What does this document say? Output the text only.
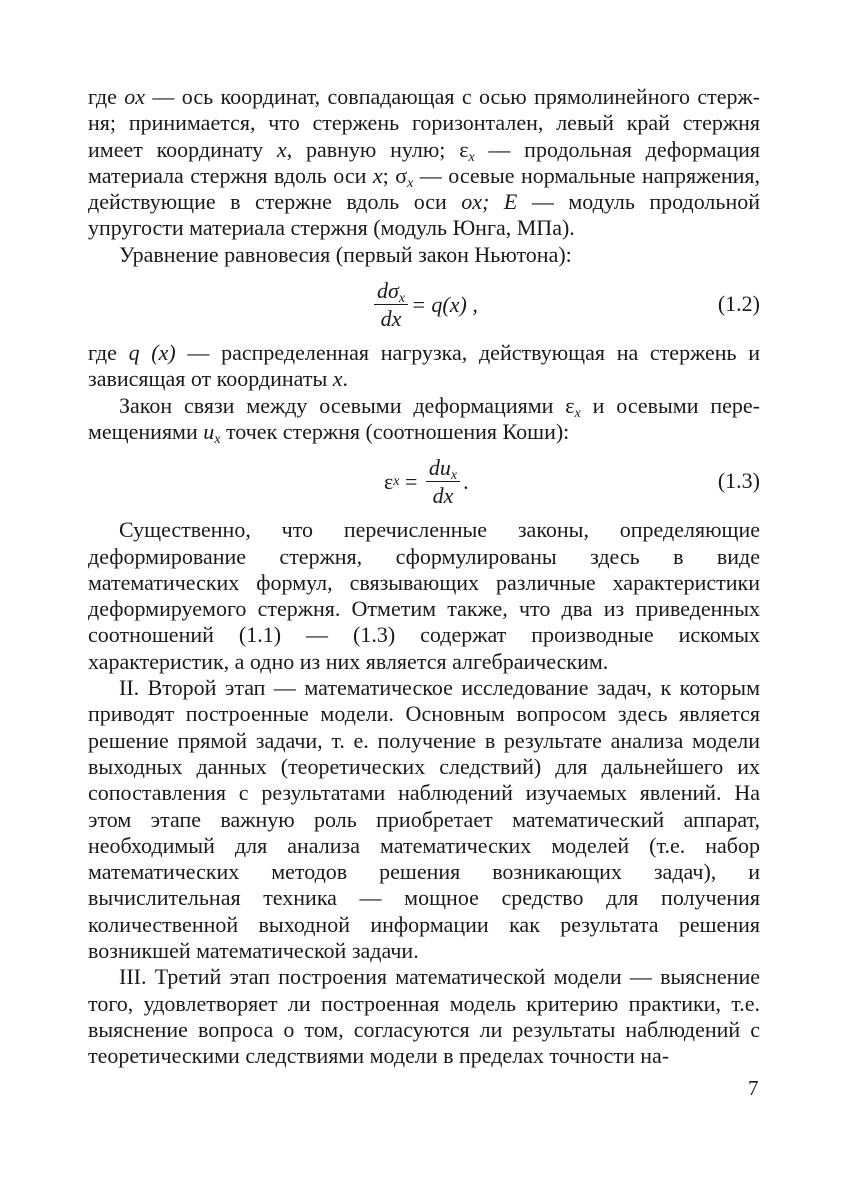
где ox — ось координат, совпадающая с осью прямолинейного стерж-ня; принимается, что стержень горизонтален, левый край стержня имеет координату x, равную нулю; $\varepsilon_x$ — продольная деформация материала стержня вдоль оси x; $\sigma_x$ — осевые нормальные напряжения, действующие в стержне вдоль оси ox; E — модуль продольной упругости материала стержня (модуль Юнга, МПа).

Уравнение равновесия (первый закон Ньютона):

$\frac{d\sigma_x}{dx} = q(x)$ ,	(1.2)

где q (x) — распределенная нагрузка, действующая на стержень и зависящая от координаты x.

Закон связи между осевыми деформациями $\varepsilon_x$ и осевыми пере-мещениями $u_x$ точек стержня (соотношения Коши):

ε $x = \frac{du_x}{dx}$ .	(1.3)

Существенно, что перечисленные законы, определяющие деформирование стержня, сформулированы здесь в виде математических формул, связывающих различные характеристики деформируемого стержня. Отметим также, что два из приведенных соотношений (1.1) — (1.3) содержат производные искомых характеристик, а одно из них является алгебраическим.

II. Второй этап — математическое исследование задач, к которым приводят построенные модели. Основным вопросом здесь является решение прямой задачи, т. е. получение в результате анализа модели выходных данных (теоретических следствий) для дальнейшего их сопоставления с результатами наблюдений изучаемых явлений. На этом этапе важную роль приобретает математический аппарат, необходимый для анализа математических моделей (т.е. набор математических методов решения возникающих задач), и вычислительная техника — мощное средство для получения количественной выходной информации как результата решения возникшей математической задачи.

III. Третий этап построения математической модели — выяснение того, удовлетворяет ли построенная модель критерию практики, т.е. выяснение вопроса о том, согласуются ли результаты наблюдений с теоретическими следствиями модели в пределах точности на-

7
